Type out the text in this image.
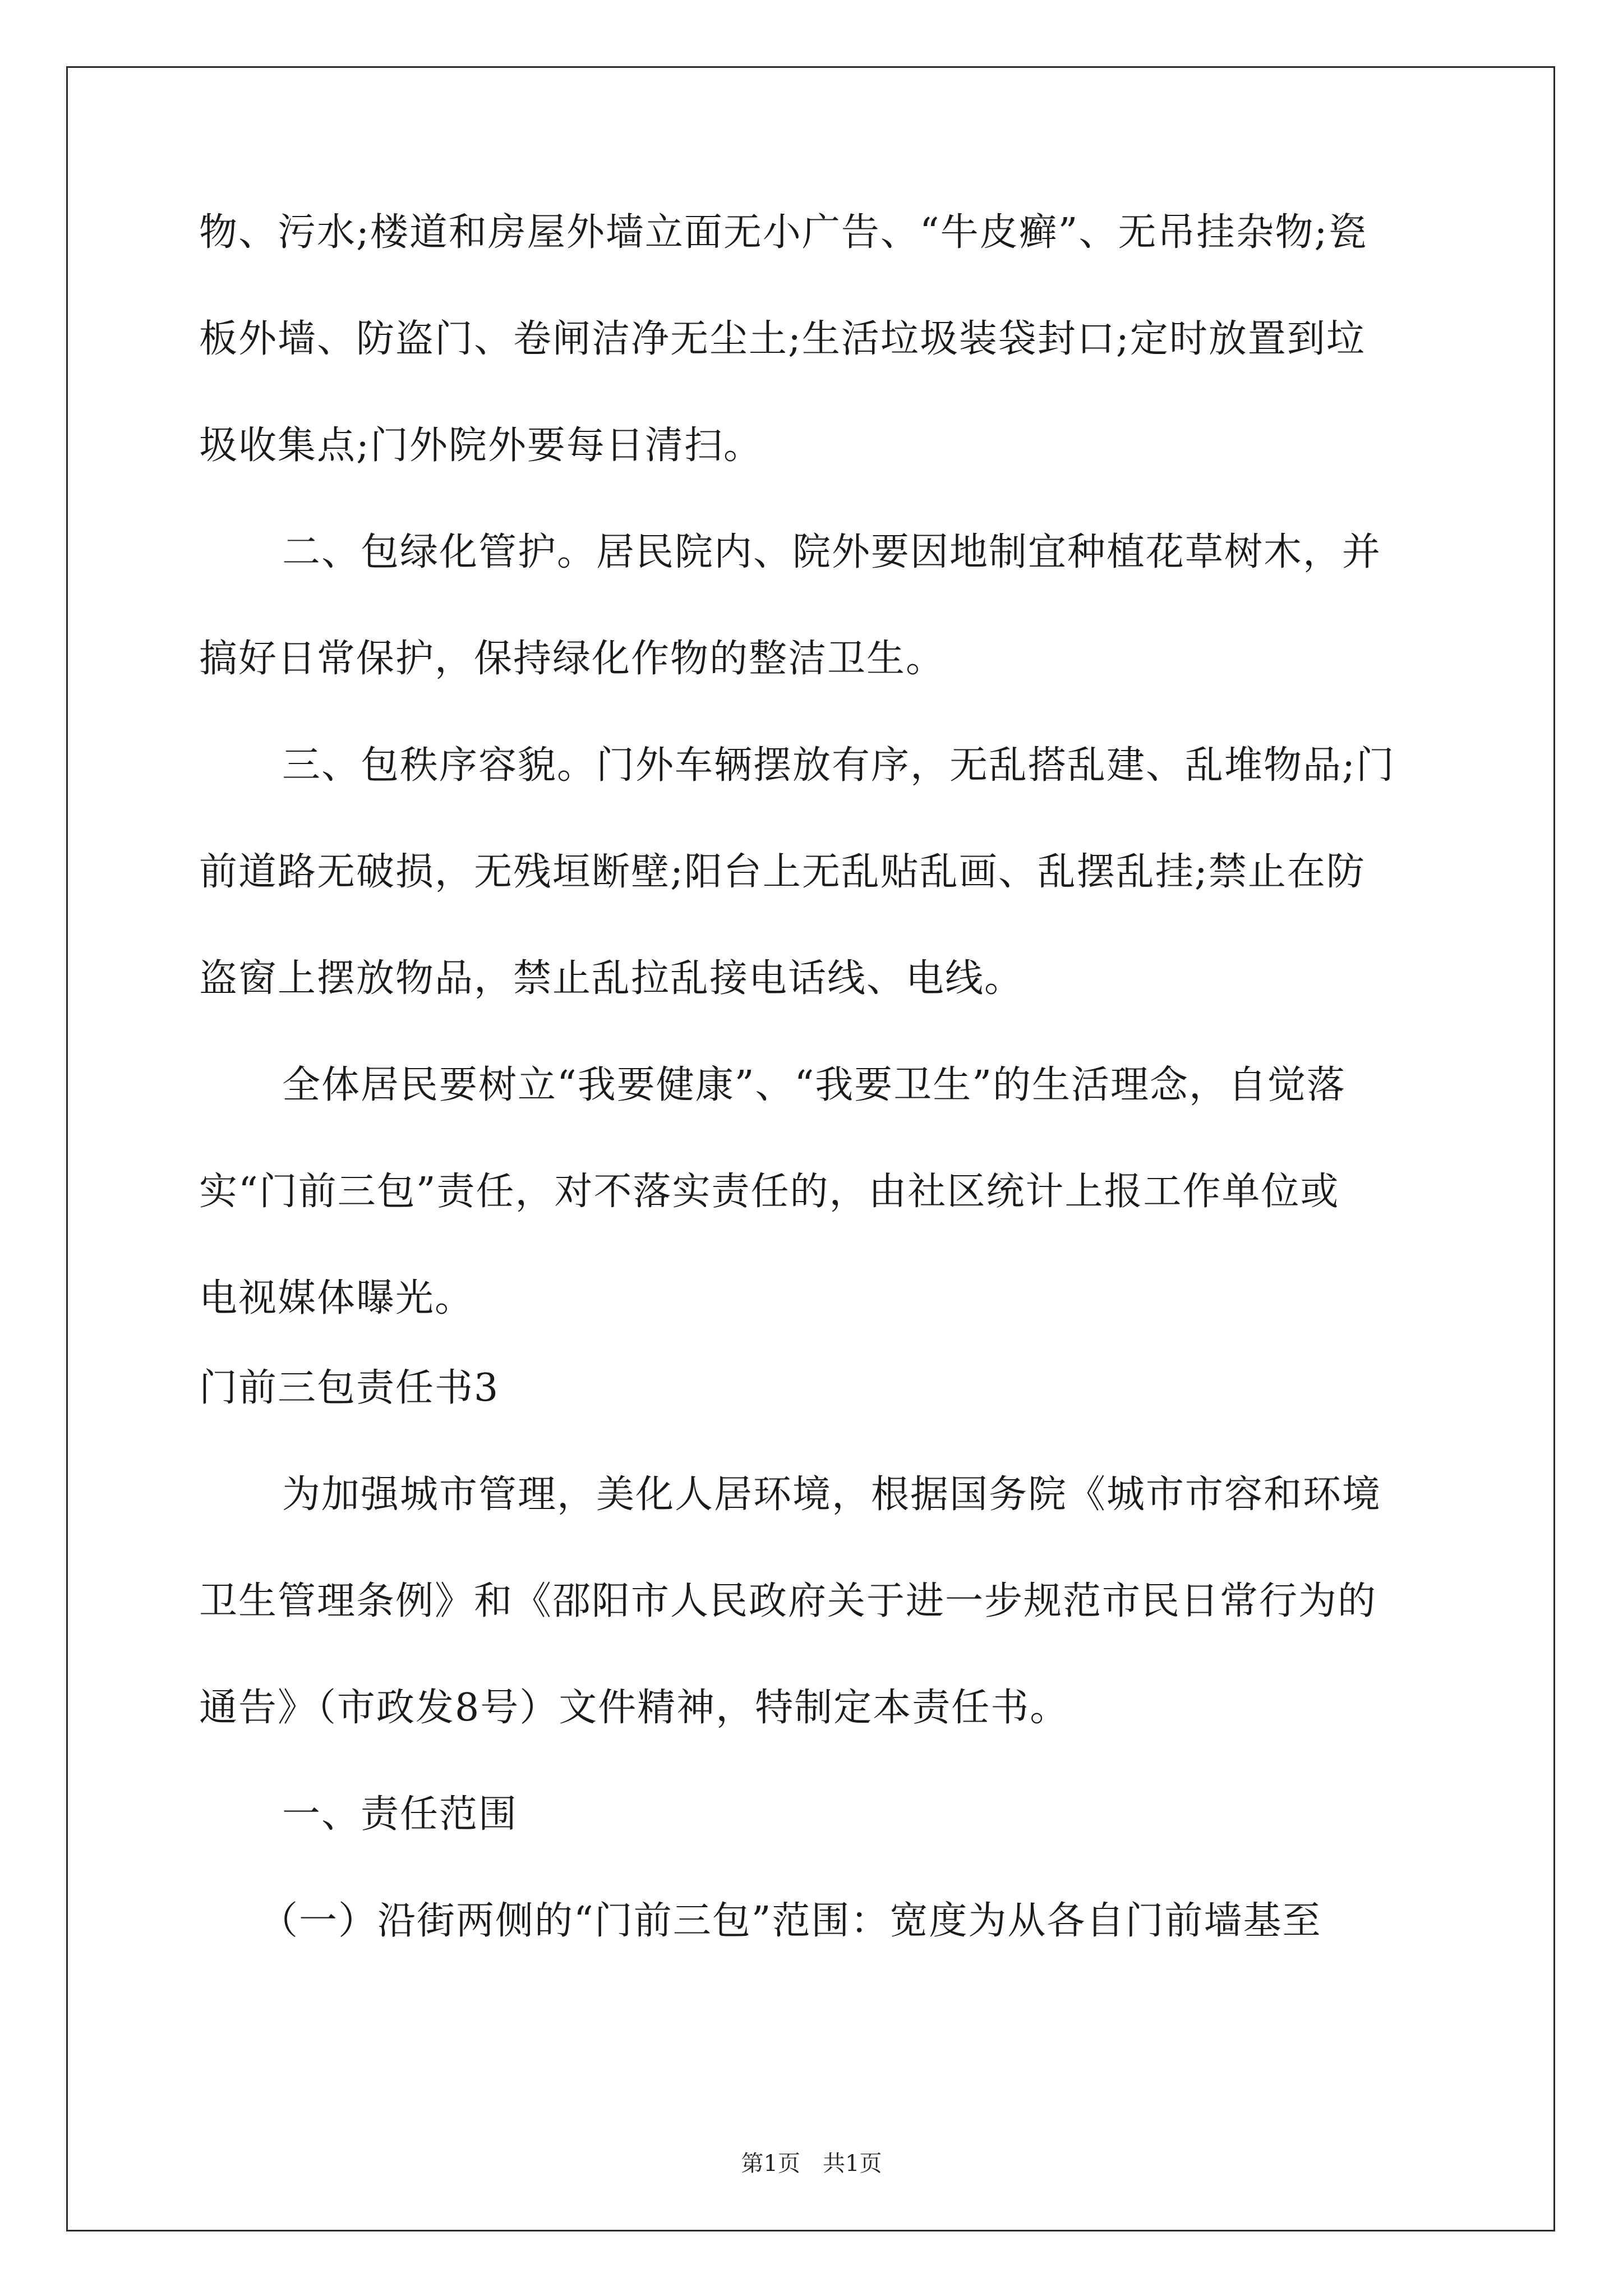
物、污水;楼道和房屋外墙立面无小广告、“牛皮癣”、无吊挂杂物;瓷
板外墙、防盗门、卷闸洁净无尘土;生活垃圾装袋封口;定时放置到垃
圾收集点;门外院外要每日清扫。
二、包绿化管护。居民院内、院外要因地制宜种植花草树木，并
搞好日常保护，保持绿化作物的整洁卫生。
三、包秩序容貌。门外车辆摆放有序，无乱搭乱建、乱堆物品;门
前道路无破损，无残垣断壁;阳台上无乱贴乱画、乱摆乱挂;禁止在防
盗窗上摆放物品，禁止乱拉乱接电话线、电线。
全体居民要树立“我要健康”、“我要卫生”的生活理念，自觉落
实“门前三包”责任，对不落实责任的，由社区统计上报工作单位或
电视媒体曝光。
门前三包责任书3
为加强城市管理，美化人居环境，根据国务院《城市市容和环境
卫生管理条例》和《邵阳市人民政府关于进一步规范市民日常行为的
通告》（市政发8号）文件精神，特制定本责任书。
一、责任范围
（一）沿街两侧的“门前三包”范围：宽度为从各自门前墙基至
第1页　共1页
